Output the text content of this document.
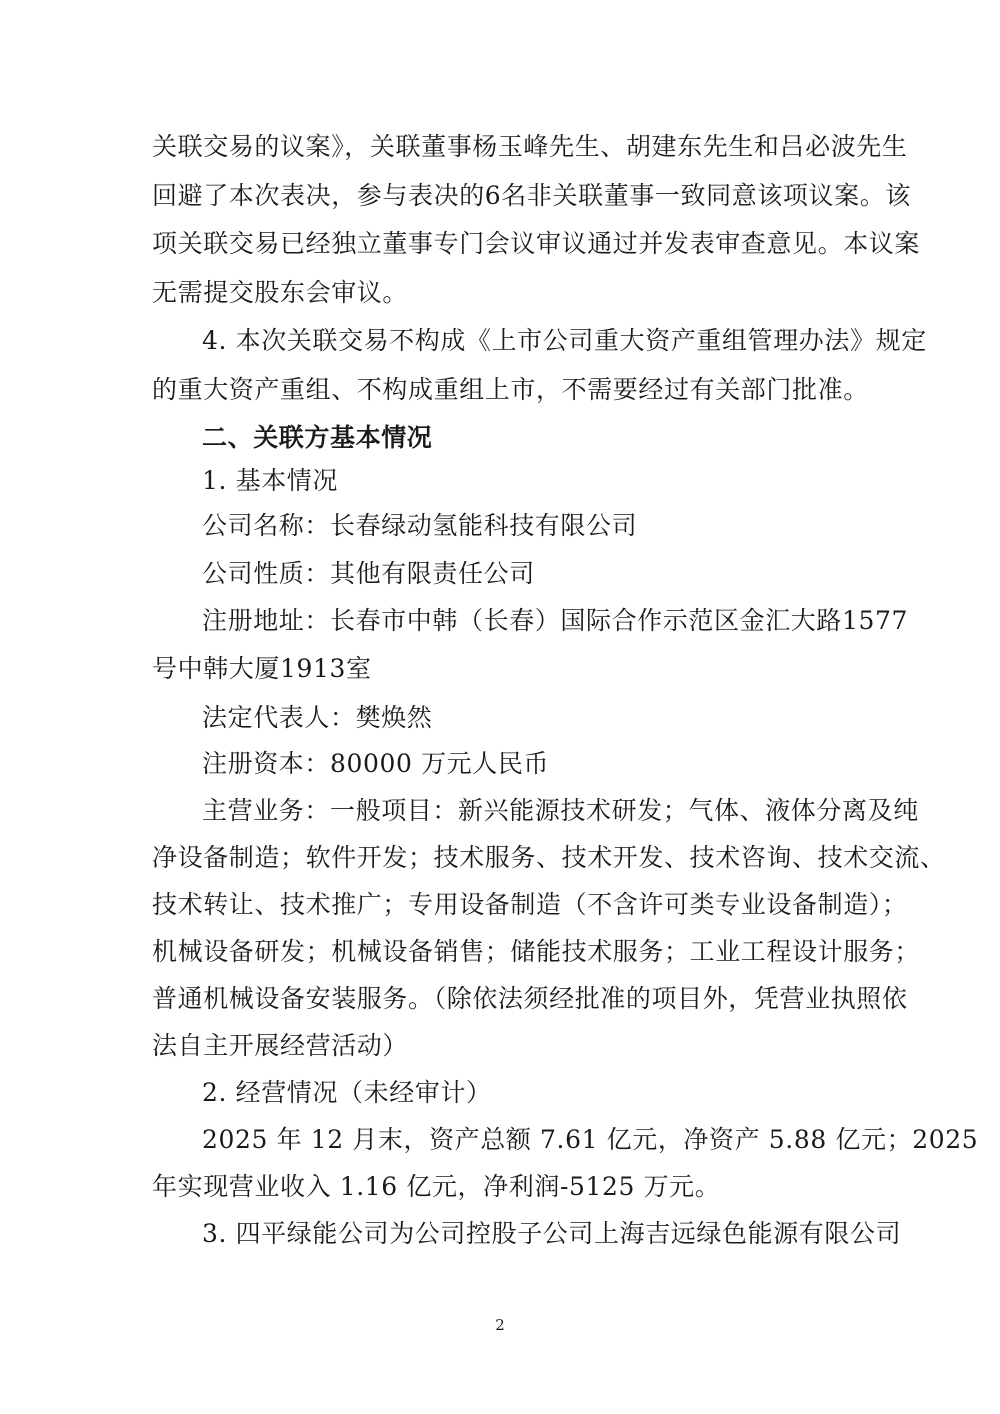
关联交易的议案》，关联董事杨玉峰先生、胡建东先生和吕必波先生
回避了本次表决，参与表决的6名非关联董事一致同意该项议案。该
项关联交易已经独立董事专门会议审议通过并发表审查意见。本议案
无需提交股东会审议。
4. 本次关联交易不构成《上市公司重大资产重组管理办法》规定
的重大资产重组、不构成重组上市，不需要经过有关部门批准。
二、关联方基本情况
1. 基本情况
公司名称：长春绿动氢能科技有限公司
公司性质：其他有限责任公司
注册地址：长春市中韩（长春）国际合作示范区金汇大路1577
号中韩大厦1913室
法定代表人：樊焕然
注册资本：80000 万元人民币
主营业务：一般项目：新兴能源技术研发；气体、液体分离及纯
净设备制造；软件开发；技术服务、技术开发、技术咨询、技术交流、
技术转让、技术推广；专用设备制造（不含许可类专业设备制造）；
机械设备研发；机械设备销售；储能技术服务；工业工程设计服务；
普通机械设备安装服务。（除依法须经批准的项目外，凭营业执照依
法自主开展经营活动）
2. 经营情况（未经审计）
2025 年 12 月末，资产总额 7.61 亿元，净资产 5.88 亿元；2025
年实现营业收入 1.16 亿元，净利润-5125 万元。
3. 四平绿能公司为公司控股子公司上海吉远绿色能源有限公司
2
